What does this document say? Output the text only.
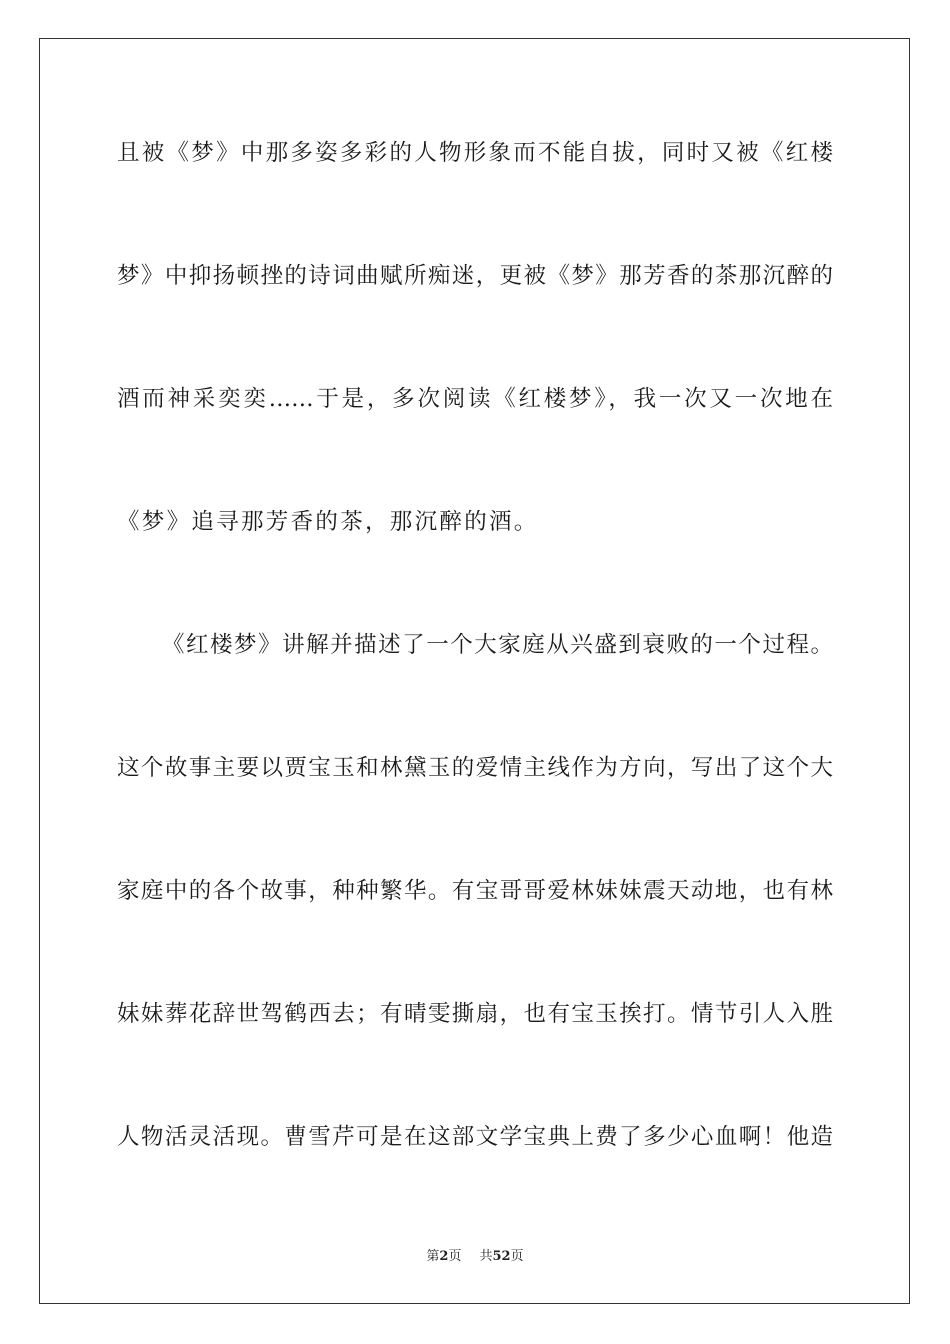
且被《梦》中那多姿多彩的人物形象而不能自拔，同时又被《红楼
梦》中抑扬顿挫的诗词曲赋所痴迷，更被《梦》那芳香的茶那沉醉的
酒而神采奕奕……于是，多次阅读《红楼梦》，我一次又一次地在
《梦》追寻那芳香的茶，那沉醉的酒。
《红楼梦》讲解并描述了一个大家庭从兴盛到衰败的一个过程。
这个故事主要以贾宝玉和林黛玉的爱情主线作为方向，写出了这个大
家庭中的各个故事，种种繁华。有宝哥哥爱林妹妹震天动地，也有林
妹妹葬花辞世驾鹤西去；有晴雯撕扇，也有宝玉挨打。情节引人入胜
人物活灵活现。曹雪芹可是在这部文学宝典上费了多少心血啊！他造
第2页 共52页
